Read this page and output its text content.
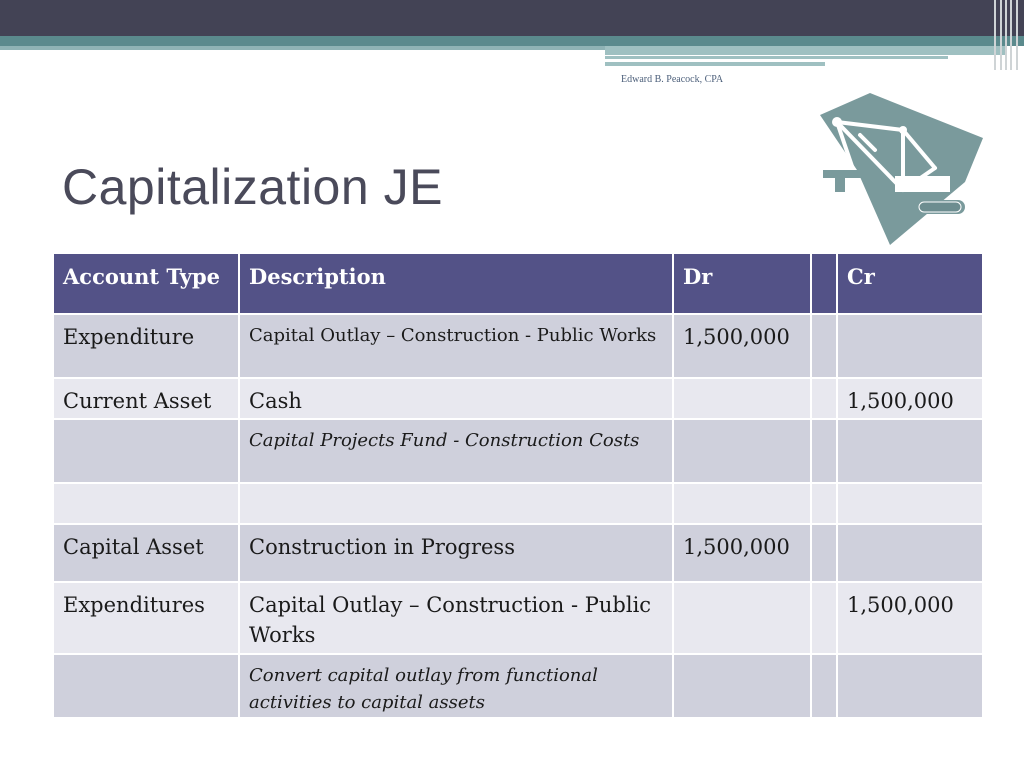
Edward B. Peacock, CPA
Capitalization JE
Account Type	Description	Dr		Cr
Expenditure	Capital Outlay – Construction - Public Works	1,500,000		
Current Asset	Cash			1,500,000
	Capital Projects Fund - Construction Costs			

Capital Asset	Construction in Progress	1,500,000		
Expenditures	Capital Outlay – Construction - Public Works			1,500,000
	Convert capital outlay from functional activities to capital assets			
